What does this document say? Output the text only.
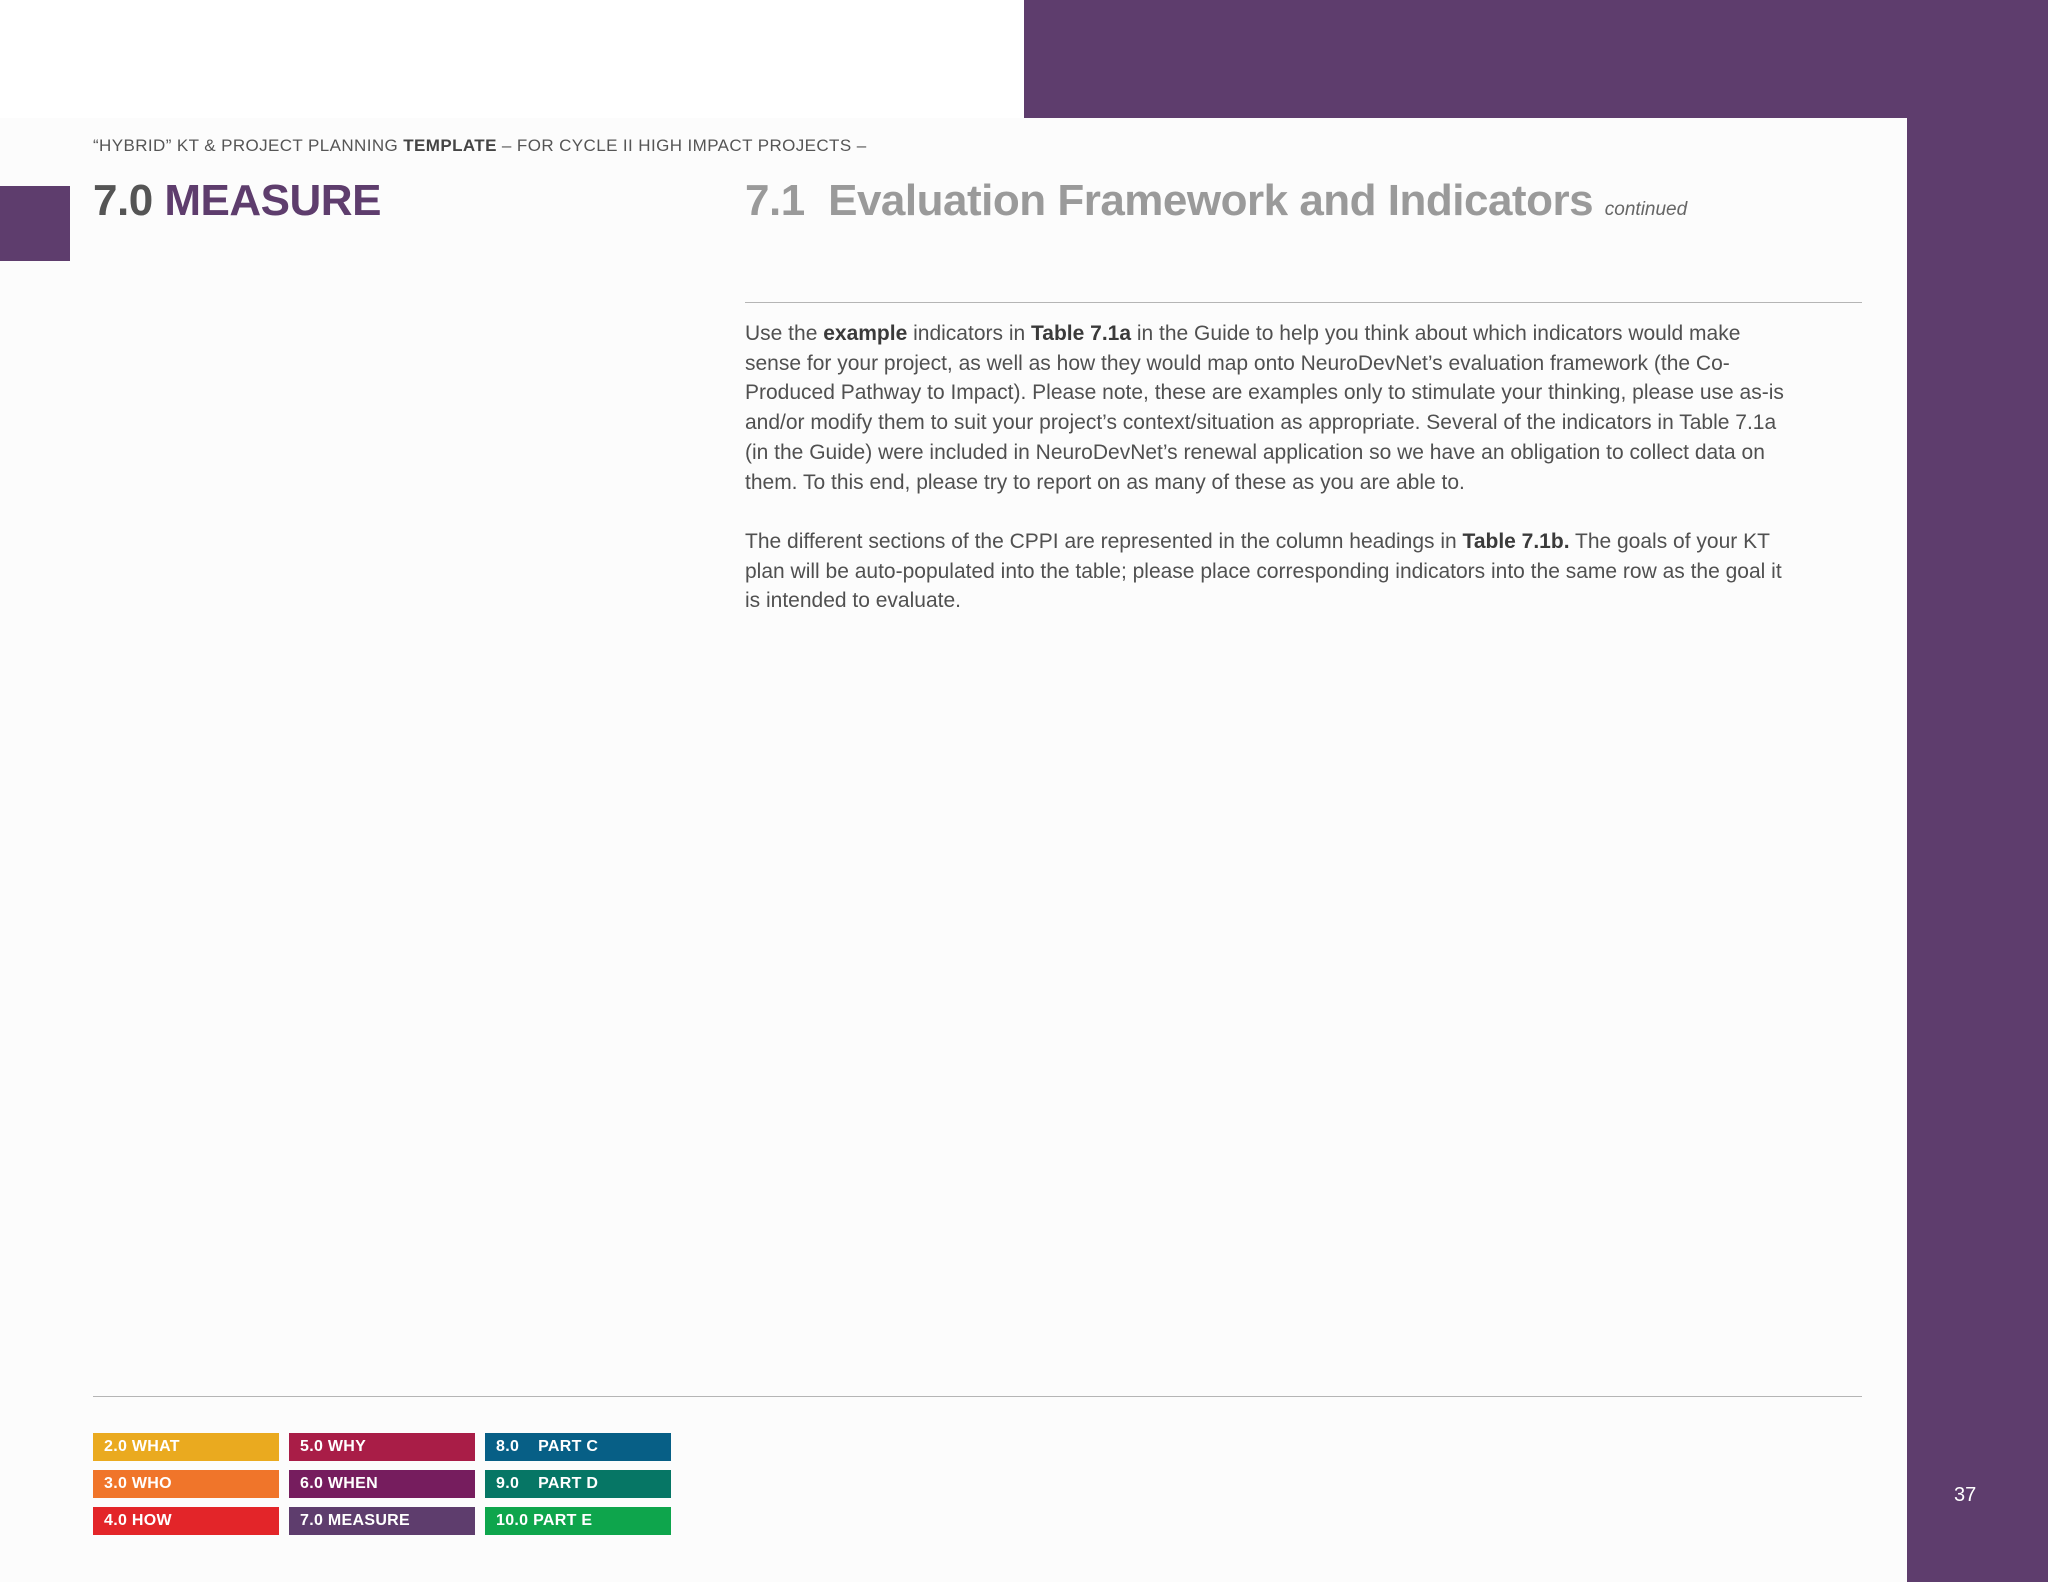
“HYBRID” KT & PROJECT PLANNING TEMPLATE – FOR CYCLE II HIGH IMPACT PROJECTS –
7.0 MEASURE	7.1  Evaluation Framework and Indicators continued
Use the example indicators in Table 7.1a in the Guide to help you think about which indicators would make sense for your project, as well as how they would map onto NeuroDevNet’s evaluation framework (the Co-Produced Pathway to Impact). Please note, these are examples only to stimulate your thinking, please use as-is and/or modify them to suit your project’s context/situation as appropriate. Several of the indicators in Table 7.1a (in the Guide) were included in NeuroDevNet’s renewal application so we have an obligation to collect data on them. To this end, please try to report on as many of these as you are able to.
The different sections of the CPPI are represented in the column headings in Table 7.1b. The goals of your KT plan will be auto-populated into the table; please place corresponding indicators into the same row as the goal it is intended to evaluate.
2.0 WHAT	5.0 WHY	8.0    PART C
3.0 WHO	6.0 WHEN	9.0    PART D
4.0 HOW	7.0 MEASURE	10.0 PART E
37
